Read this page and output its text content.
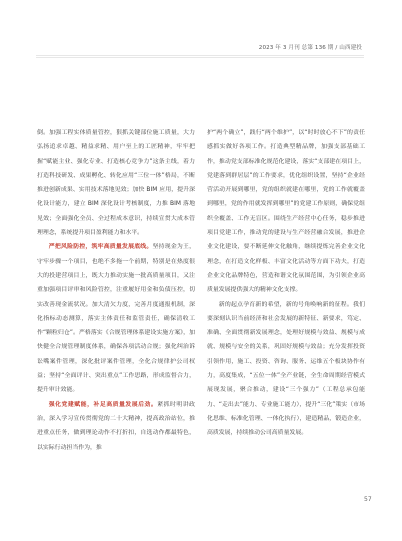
2023 年 3 月刊 总第 136 期 / 山西建投

倒。加强工程实体质量管控，狠抓关键部位施工质量，大力弘扬追求卓越、精益求精、用户至上的工匠精神，牢牢把握“赋能主业、强化专业、打造核心竞争力”这条主线，着力打造科技研发、成果孵化、转化应用“三位一体”格局，不断推进创新成果、实用技术落地见效；加快 BIM 应用，提升深化设计能力，建立 BIM 深化设计考核制度，力推 BIM 落地见效；全面强化全员、全过程成本意识，持续宣贯大成本管理理念，系统提升项目盈利能力和水平。

严把风险防控，筑牢高质量发展底线。坚持现金为王，守牢步骤一个项目，也绝不多拖一个前期，特别是在热度很大的投建营项目上，既大力推动实施一批高质量项目，又注重加强项目评审和风险管控，注重履好用金和负债压控，切实改善现金流状况。加大清欠力度，完善月度通报机制，深化指标动态测算，落实主体责任和监管责任，确保清收工作“颗粒归仓”。严格落实《合规管理体系建设实施方案》，加快健全合规管理制度体系，确保各项活动合规；强化纠治诉讼嘴案件管理，深化批评案件管理，全化合规律护公司权益；坚持“全面评计、突出重点”工作思路，形成监督合力，提升审计效能。

强化党建赋能，补足高质量发展后劲。紧抓时明讲政治，深入学习宣传贯彻党的二十大精神，提高政治站位，推进重点任务，做到理论动作不打折扣，自选动作都最特色，以实际行动担当作为，推

护“两个确立”，践行“两个维护”，以“时时放心不下”的责任感抓实做好各项工作。打造典型精品牌，加强支部基础工作，推动党支部标准化规范化建设，落实“支部建在项目上，党建落到群居层”的工作要求，优化组织设置，坚持“企业经营活动开展到哪里，党的组织就建在哪里，党的工作就覆盖到哪里，党的作用就发挥到哪里”的党建工作原则，确保党组织全覆盖、工作无盲区。围绕生产经营中心任务，稳步推进项目党建工作，推动党的建设与生产经营融合发展，推进企业文化建设，要不断延伸文化触角，继续提炼完善企业文化理念，在打造文化样板、丰富文化活动等方面下功夫，打造企业文化品牌特色，营造和谐文化氛围范围，为引领企业高质量发展提供强大的精神文化支撑。

新的起点孕育新的希望，新的号角唤响新的征程。我们要深刻认识当前经济和社会发展的新特征、新要求，笃定、准确、全面贯彻新发展理念，处理好规模与效益、规模与成就、规模与安全的关系，巩固好规模与效益；充分发挥投资引领作用，施工、投资、咨询、服务、运维五个板块协作有力，高度集成，“五位一体”全产业链，全生命周期经营模式展现发展，聚合推动，建设“三个强力”（工程总承包能力、“走出去”能力、专业施工能力），提升“三化”策实（市场化思维、标准化管理、一体化执行），建造精品，锻造企业，高质发展，持续推动公司高质量发展。

57
